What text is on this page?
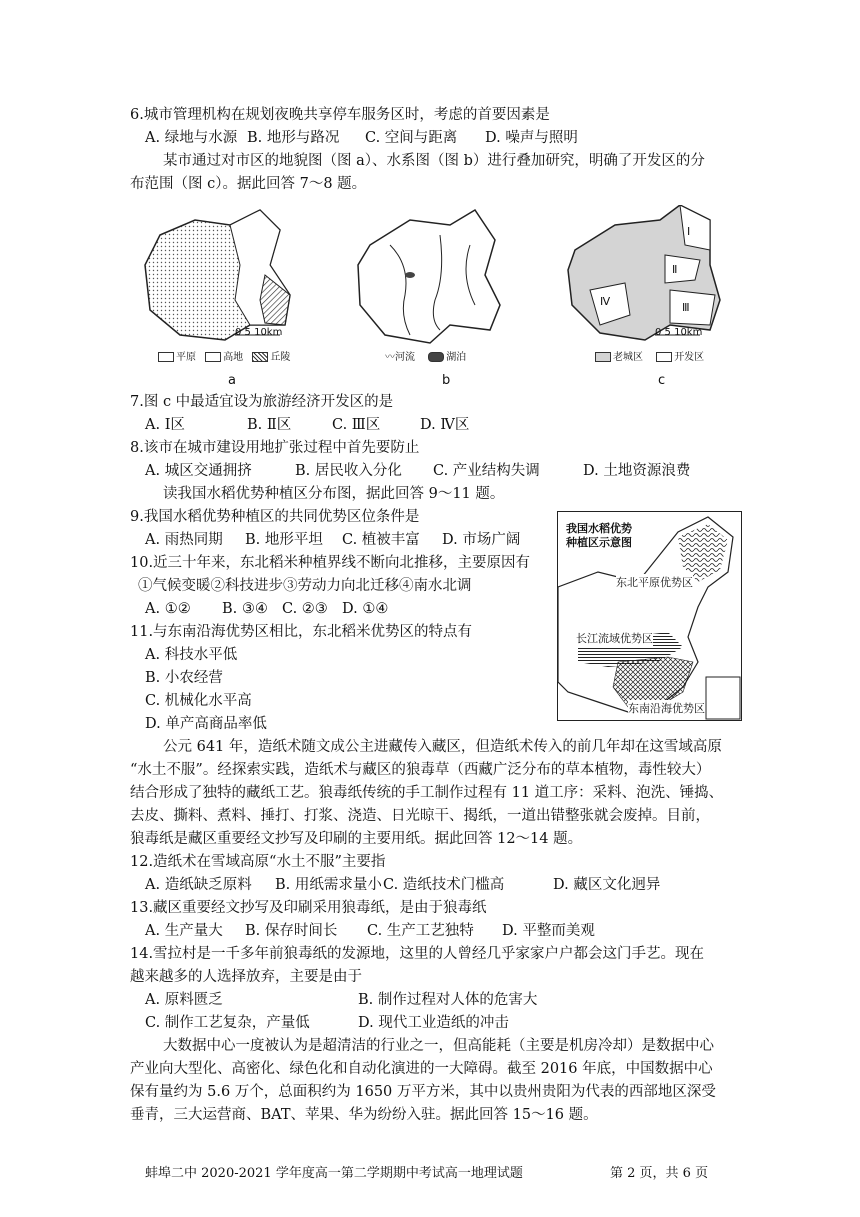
6.城市管理机构在规划夜晚共享停车服务区时，考虑的首要因素是
A. 绿地与水源 B. 地形与路况 C. 空间与距离 D. 噪声与照明
某市通过对市区的地貌图（图 a）、水系图（图 b）进行叠加研究，明确了开发区的分
布范围（图 c）。据此回答 7～8 题。
平原	高地	丘陵
0 5 10km
〰河流	湖泊	老城区	开发区
0 5 10km
Ⅰ
Ⅱ
Ⅲ
Ⅳ
a	b	c
7.图 c 中最适宜设为旅游经济开发区的是
A. Ⅰ区	B. Ⅱ区	C. Ⅲ区	D. Ⅳ区
8.该市在城市建设用地扩张过程中首先要防止
A. 城区交通拥挤	B. 居民收入分化 C. 产业结构失调	D. 土地资源浪费
读我国水稻优势种植区分布图，据此回答 9～11 题。
9.我国水稻优势种植区的共同优势区位条件是
A. 雨热同期 B. 地形平坦 C. 植被丰富 D. 市场广阔
10.近三十年来，东北稻米种植界线不断向北推移，主要原因有
①气候变暖②科技进步③劳动力向北迁移④南水北调
A. ①② B. ③④ C. ②③ D. ①④
11.与东南沿海优势区相比，东北稻米优势区的特点有
A. 科技水平低
B. 小农经营
C. 机械化水平高
D. 单产高商品率低
我国水稻优势
种植区示意图
东北平原优势区
长江流域优势区
东南沿海优势区
公元 641 年，造纸术随文成公主进藏传入藏区，但造纸术传入的前几年却在这雪域高原
“水土不服”。经探索实践，造纸术与藏区的狼毒草（西藏广泛分布的草本植物，毒性较大）
结合形成了独特的藏纸工艺。狼毒纸传统的手工制作过程有 11 道工序：采料、泡洗、锤捣、
去皮、撕料、煮料、捶打、打浆、浇造、日光晾干、揭纸，一道出错整张就会废掉。目前，
狼毒纸是藏区重要经文抄写及印刷的主要用纸。据此回答 12～14 题。
12.造纸术在雪域高原“水土不服”主要指
A. 造纸缺乏原料 B. 用纸需求量小C. 造纸技术门槛高	D. 藏区文化迥异
13.藏区重要经文抄写及印刷采用狼毒纸，是由于狼毒纸
A. 生产量大 B. 保存时间长 C. 生产工艺独特 D. 平整而美观
14.雪拉村是一千多年前狼毒纸的发源地，这里的人曾经几乎家家户户都会这门手艺。现在
越来越多的人选择放弃，主要是由于
A. 原料匮乏	B. 制作过程对人体的危害大
C. 制作工艺复杂，产量低	D. 现代工业造纸的冲击
大数据中心一度被认为是超清洁的行业之一，但高能耗（主要是机房冷却）是数据中心
产业向大型化、高密化、绿色化和自动化演进的一大障碍。截至 2016 年底，中国数据中心
保有量约为 5.6 万个，总面积约为 1650 万平方米，其中以贵州贵阳为代表的西部地区深受
垂青，三大运营商、BAT、苹果、华为纷纷入驻。据此回答 15～16 题。
蚌埠二中 2020-2021 学年度高一第二学期期中考试高一地理试题	第 2 页，共 6 页
